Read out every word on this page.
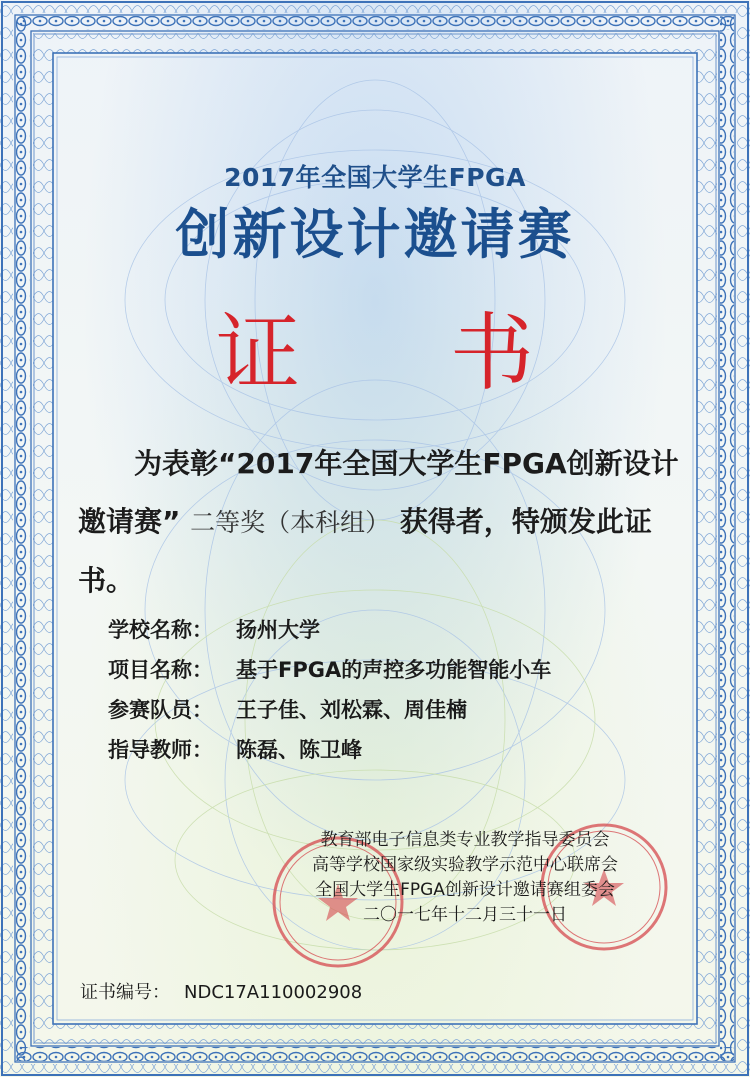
2017年全国大学生FPGA
创新设计邀请赛
证书
为表彰“2017年全国大学生FPGA创新设计邀请赛” 二等奖（本科组） 获得者，特颁发此证书。
学校名称： 扬州大学
项目名称： 基于FPGA的声控多功能智能小车
参赛队员： 王子佳、刘松霖、周佳楠
指导教师： 陈磊、陈卫峰
教育部电子信息类专业教学指导委员会
高等学校国家级实验教学示范中心联席会
全国大学生FPGA创新设计邀请赛组委会
二〇一七年十二月三十一日
证书编号： NDC17A110002908
